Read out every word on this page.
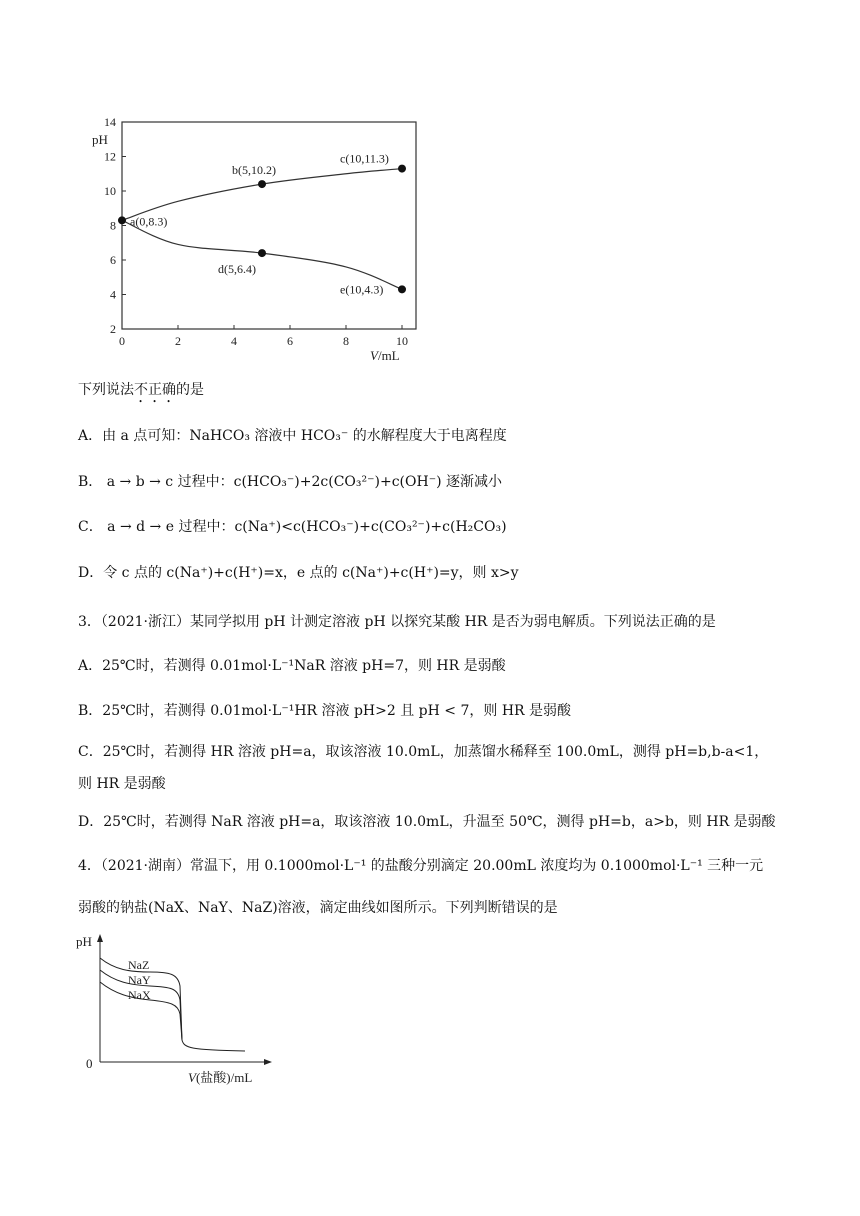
pH
V/mL
0	2	4	6	8	10
2
4
6
8
10
12
14
a(0,8.3)
b(5,10.2)
c(10,11.3)
d(5,6.4)
e(10,4.3)
下列说法不正确的是
A．由 a 点可知：NaHCO₃ 溶液中 HCO₃⁻ 的水解程度大于电离程度
B． a → b → c 过程中：c(HCO₃⁻)+2c(CO₃²⁻)+c(OH⁻) 逐渐减小
C． a → d → e 过程中：c(Na⁺)<c(HCO₃⁻)+c(CO₃²⁻)+c(H₂CO₃)
D．令 c 点的 c(Na⁺)+c(H⁺)=x，e 点的 c(Na⁺)+c(H⁺)=y，则 x>y
3．（2021·浙江）某同学拟用 pH 计测定溶液 pH 以探究某酸 HR 是否为弱电解质。下列说法正确的是
A．25℃时，若测得 0.01mol·L⁻¹NaR 溶液 pH=7，则 HR 是弱酸
B．25℃时，若测得 0.01mol·L⁻¹HR 溶液 pH>2 且 pH < 7，则 HR 是弱酸
C．25℃时，若测得 HR 溶液 pH=a，取该溶液 10.0mL，加蒸馏水稀释至 100.0mL，测得 pH=b,b-a<1，
则 HR 是弱酸
D．25℃时，若测得 NaR 溶液 pH=a，取该溶液 10.0mL，升温至 50℃，测得 pH=b，a>b，则 HR 是弱酸
4．（2021·湖南）常温下，用 0.1000mol·L⁻¹ 的盐酸分别滴定 20.00mL 浓度均为 0.1000mol·L⁻¹ 三种一元
弱酸的钠盐(NaX、NaY、NaZ)溶液，滴定曲线如图所示。下列判断错误的是
pH
0
V(盐酸)/mL
NaZ
NaY
NaX
